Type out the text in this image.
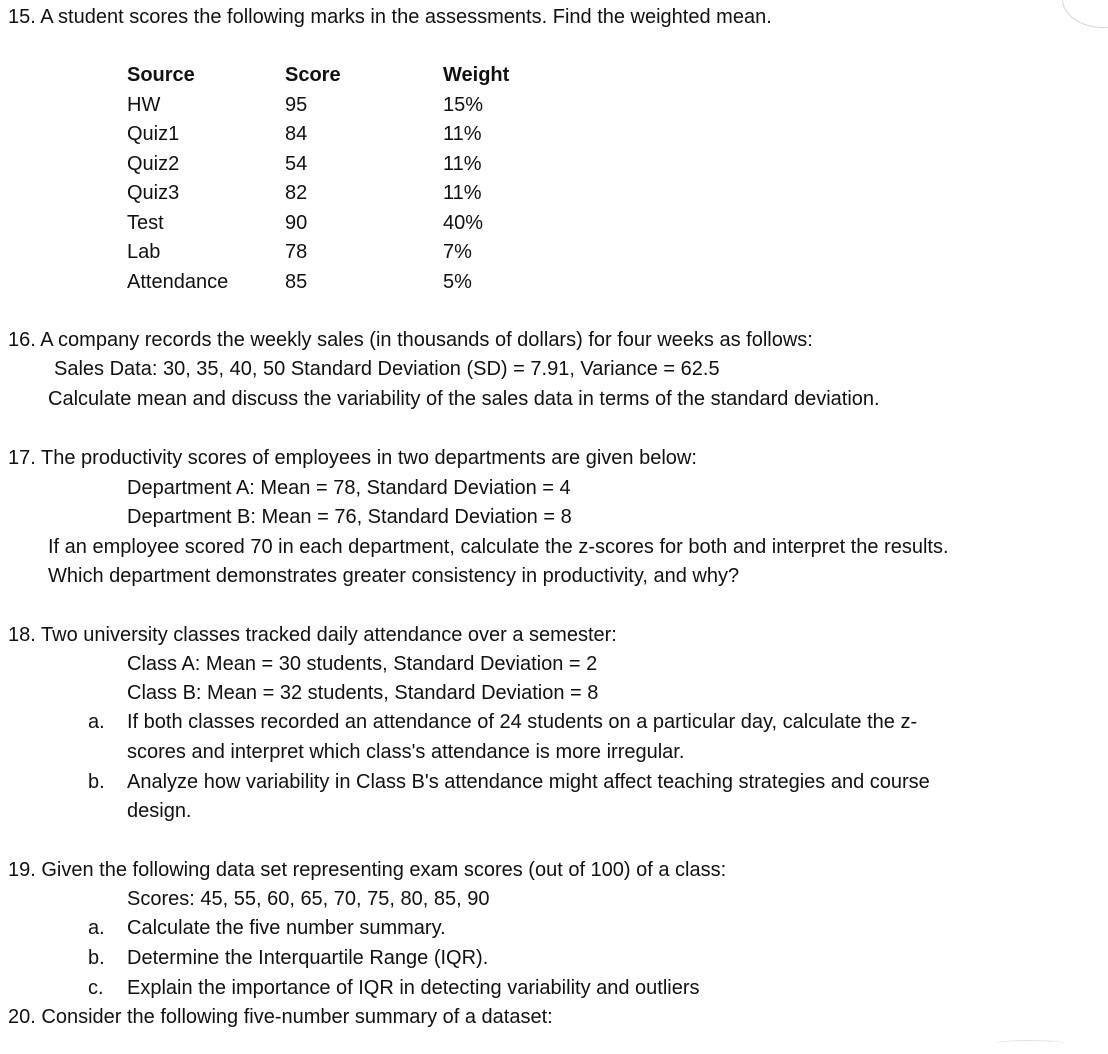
15. A student scores the following marks in the assessments. Find the weighted mean.
Source	Score	Weight
HW	95	15%
Quiz1	84	11%
Quiz2	54	11%
Quiz3	82	11%
Test	90	40%
Lab	78	7%
Attendance	85	5%
16. A company records the weekly sales (in thousands of dollars) for four weeks as follows:
Sales Data: 30, 35, 40, 50 Standard Deviation (SD) = 7.91, Variance = 62.5
Calculate mean and discuss the variability of the sales data in terms of the standard deviation.
17. The productivity scores of employees in two departments are given below:
Department A: Mean = 78, Standard Deviation = 4
Department B: Mean = 76, Standard Deviation = 8
If an employee scored 70 in each department, calculate the z-scores for both and interpret the results.
Which department demonstrates greater consistency in productivity, and why?
18. Two university classes tracked daily attendance over a semester:
Class A: Mean = 30 students, Standard Deviation = 2
Class B: Mean = 32 students, Standard Deviation = 8
a. If both classes recorded an attendance of 24 students on a particular day, calculate the z-
scores and interpret which class's attendance is more irregular.
b. Analyze how variability in Class B's attendance might affect teaching strategies and course
design.
19. Given the following data set representing exam scores (out of 100) of a class:
Scores: 45, 55, 60, 65, 70, 75, 80, 85, 90
a. Calculate the five number summary.
b. Determine the Interquartile Range (IQR).
c. Explain the importance of IQR in detecting variability and outliers
20. Consider the following five-number summary of a dataset:
